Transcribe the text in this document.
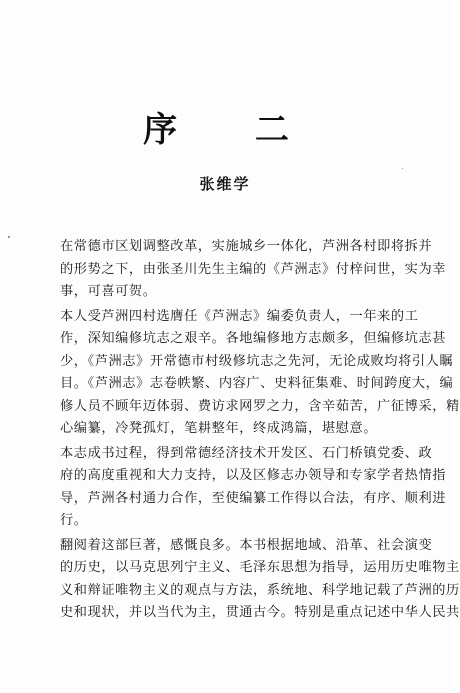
序  二
张维学
在常德市区划调整改革，实施城乡一体化，芦洲各村即将拆并
的形势之下，由张圣川先生主编的《芦洲志》付梓问世，实为幸
事，可喜可贺。
本人受芦洲四村选膺任《芦洲志》编委负责人，一年来的工
作，深知编修坑志之艰辛。各地编修地方志颇多，但编修坑志甚
少，《芦洲志》开常德市村级修坑志之先河，无论成败均将引人瞩
目。《芦洲志》志卷帙繁、内容广、史料征集难、时间跨度大，编
修人员不顾年迈体弱、费访求网罗之力，含辛茹苦，广征博采，精
心编纂，冷凳孤灯，笔耕整年，终成鸿篇，堪慰意。
本志成书过程，得到常德经济技术开发区、石门桥镇党委、政
府的高度重视和大力支持，以及区修志办领导和专家学者热情指
导，芦洲各村通力合作，至使编纂工作得以合法，有序、顺利进
行。
翻阅着这部巨著，感慨良多。本书根据地域、沿革、社会演变
的历史，以马克思列宁主义、毛泽东思想为指导，运用历史唯物主
义和辩证唯物主义的观点与方法，系统地、科学地记载了芦洲的历
史和现状，并以当代为主，贯通古今。特别是重点记述中华人民共
